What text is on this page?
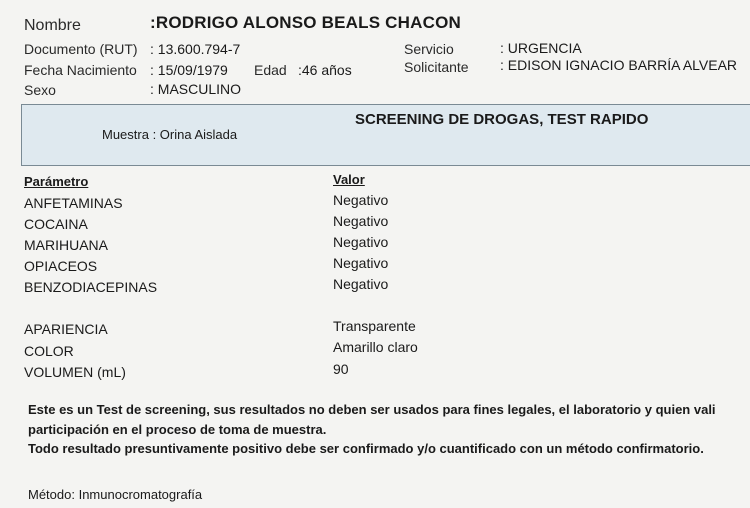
Nombre	:RODRIGO ALONSO BEALS CHACON
Documento (RUT) : 13.600.794-7
Fecha Nacimiento : 15/09/1979 Edad :46 años
Sexo	: MASCULINO
Servicio	: URGENCIA
Solicitante : EDISON IGNACIO BARRÍA ALVEAR
SCREENING DE DROGAS, TEST RAPIDO
Muestra : Orina Aislada
Parámetro	Valor
ANFETAMINAS	Negativo
COCAINA	Negativo
MARIHUANA	Negativo
OPIACEOS	Negativo
BENZODIACEPINAS	Negativo
APARIENCIA	Transparente
COLOR	Amarillo claro
VOLUMEN (mL)	90
Este es un Test de screening, sus resultados no deben ser usados para fines legales, el laboratorio y quien vali
participación en el proceso de toma de muestra.
Todo resultado presuntivamente positivo debe ser confirmado y/o cuantificado con un método confirmatorio.
Método: Inmunocromatografía
